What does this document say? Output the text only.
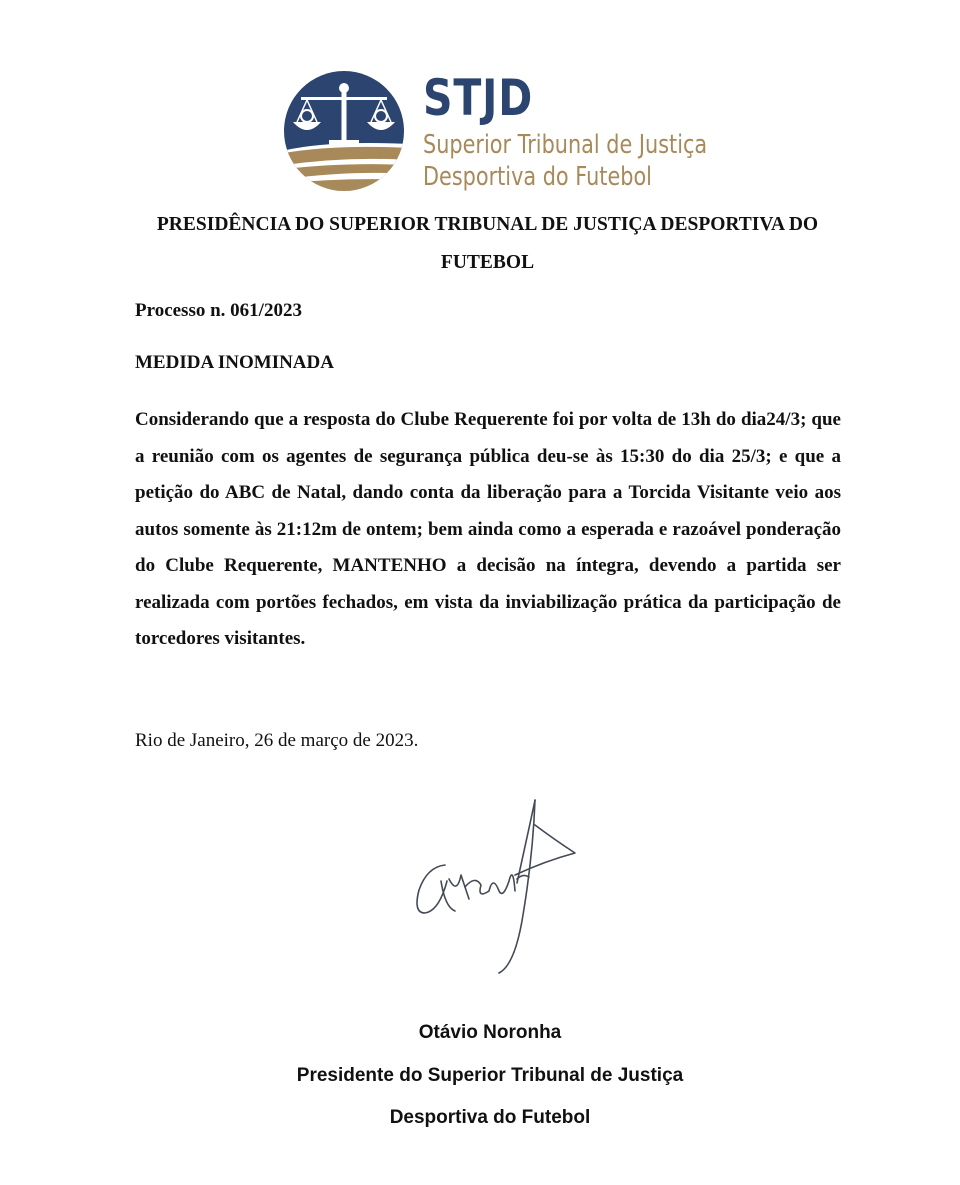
STJD
Superior Tribunal de Justiça
Desportiva do Futebol
PRESIDÊNCIA DO SUPERIOR TRIBUNAL DE JUSTIÇA DESPORTIVA DO FUTEBOL
Processo n. 061/2023
MEDIDA INOMINADA

Considerando que a resposta do Clube Requerente foi por volta de 13h do dia24/3; que a reunião com os agentes de segurança pública deu-se às 15:30 do dia 25/3; e que a petição do ABC de Natal, dando conta da liberação para a Torcida Visitante veio aos autos somente às 21:12m de ontem; bem ainda como a esperada e razoável ponderação do Clube Requerente, MANTENHO a decisão na íntegra, devendo a partida ser realizada com portões fechados, em vista da inviabilização prática da participação de torcedores visitantes.

Rio de Janeiro, 26 de março de 2023.
Otávio Noronha
Presidente do Superior Tribunal de Justiça
Desportiva do Futebol
